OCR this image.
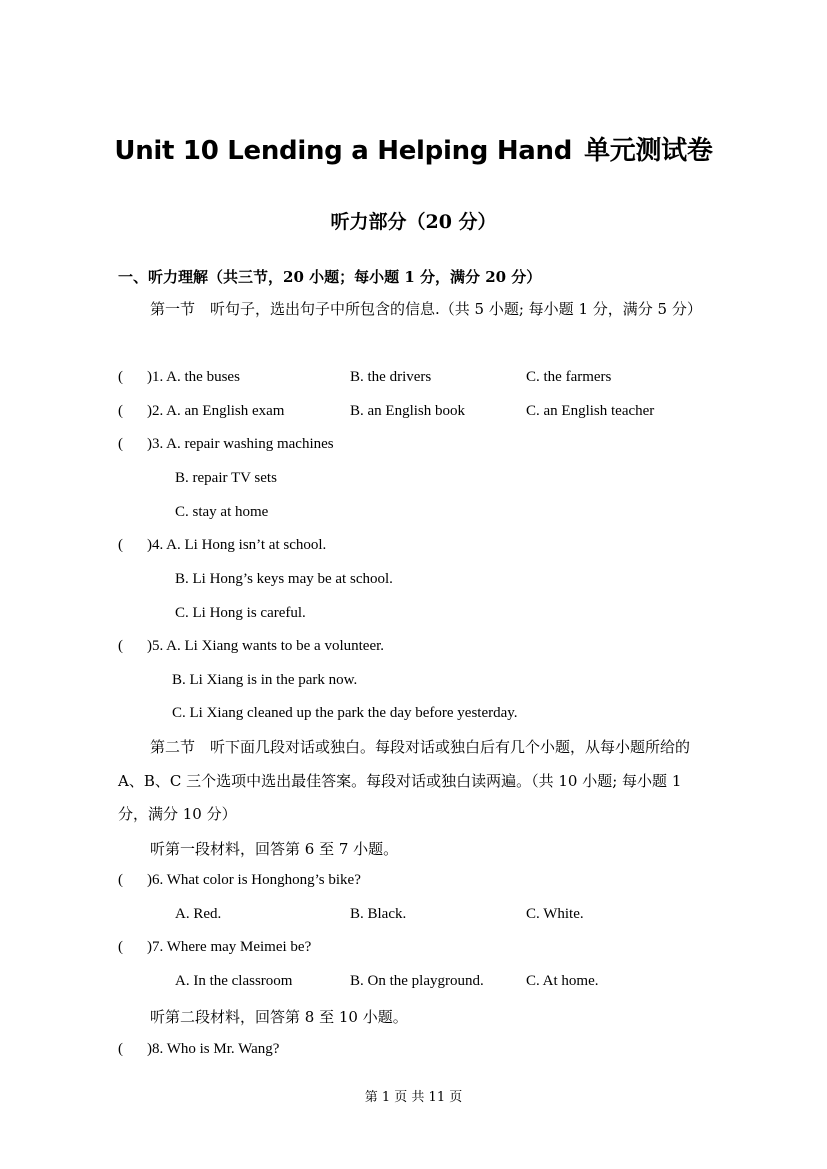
Unit 10 Lending a Helping Hand 单元测试卷
听力部分（20 分）
一、听力理解（共三节，20 小题；每小题 1 分，满分 20 分）
第一节　听句子，选出句子中所包含的信息.（共 5 小题; 每小题 1 分，满分 5 分）
( )1. A. the buses	B. the drivers	C. the farmers
( )2. A. an English exam	B. an English book	C. an English teacher
( )3. A. repair washing machines
B. repair TV sets
C. stay at home
( )4. A. Li Hong isn’t at school.
B. Li Hong’s keys may be at school.
C. Li Hong is careful.
( )5. A. Li Xiang wants to be a volunteer.
B. Li Xiang is in the park now.
C. Li Xiang cleaned up the park the day before yesterday.
第二节　听下面几段对话或独白。每段对话或独白后有几个小题，从每小题所给的 A、B、C 三个选项中选出最佳答案。每段对话或独白读两遍。（共 10 小题; 每小题 1 分，满分 10 分）
听第一段材料，回答第 6 至 7 小题。
( )6. What color is Honghong’s bike?
A. Red.	B. Black.	C. White.
( )7. Where may Meimei be?
A. In the classroom	B. On the playground.	C. At home.
听第二段材料，回答第 8 至 10 小题。
( )8. Who is Mr. Wang?
第 1 页 共 11 页
